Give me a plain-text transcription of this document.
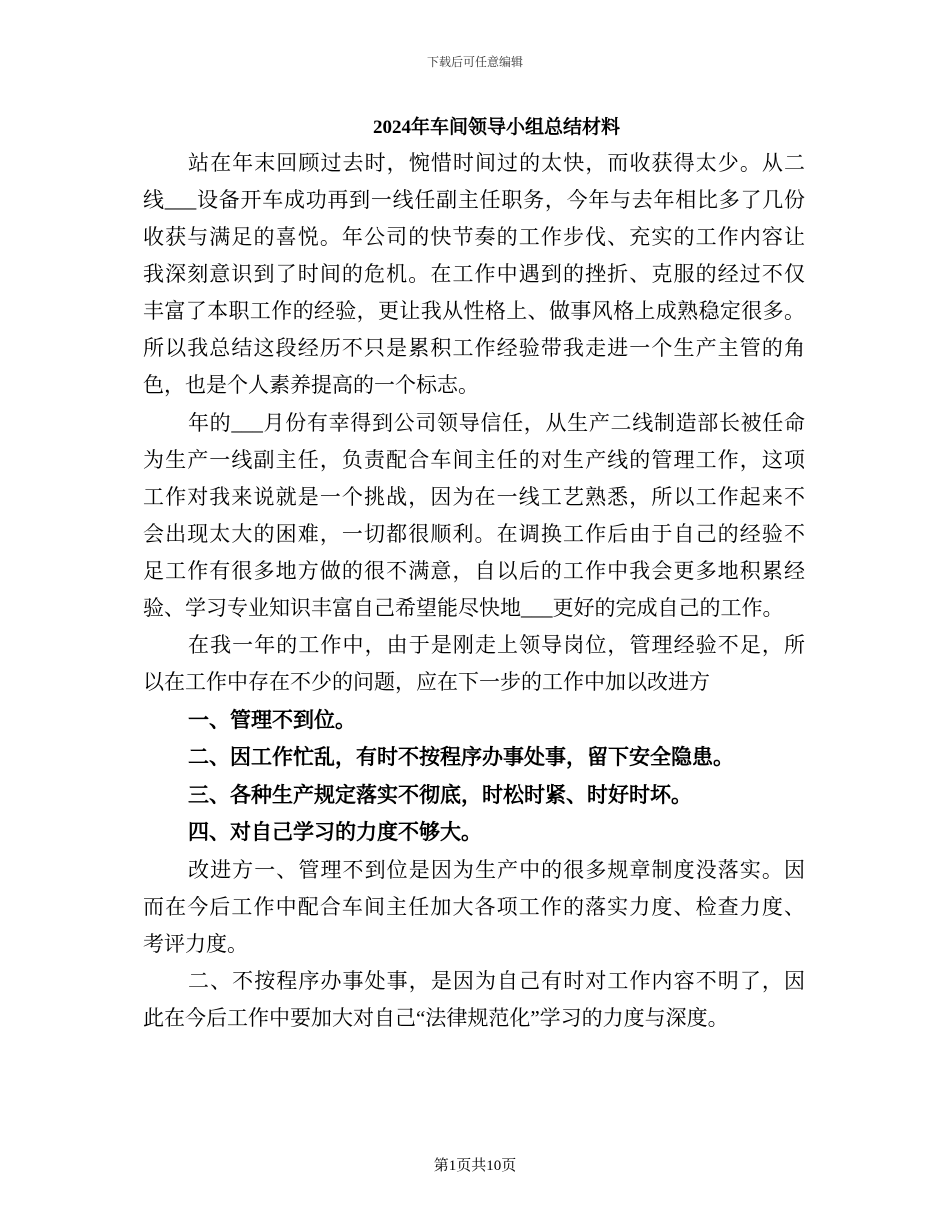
下载后可任意编辑
2024年车间领导小组总结材料
站在年末回顾过去时，惋惜时间过的太快，而收获得太少。从二
线___设备开车成功再到一线任副主任职务，今年与去年相比多了几份
收获与满足的喜悦。年公司的快节奏的工作步伐、充实的工作内容让
我深刻意识到了时间的危机。在工作中遇到的挫折、克服的经过不仅
丰富了本职工作的经验，更让我从性格上、做事风格上成熟稳定很多。
所以我总结这段经历不只是累积工作经验带我走进一个生产主管的角
色，也是个人素养提高的一个标志。
年的___月份有幸得到公司领导信任，从生产二线制造部长被任命
为生产一线副主任，负责配合车间主任的对生产线的管理工作，这项
工作对我来说就是一个挑战，因为在一线工艺熟悉，所以工作起来不
会出现太大的困难，一切都很顺利。在调换工作后由于自己的经验不
足工作有很多地方做的很不满意，自以后的工作中我会更多地积累经
验、学习专业知识丰富自己希望能尽快地___更好的完成自己的工作。
在我一年的工作中，由于是刚走上领导岗位，管理经验不足，所
以在工作中存在不少的问题，应在下一步的工作中加以改进方
一、管理不到位。
二、因工作忙乱，有时不按程序办事处事，留下安全隐患。
三、各种生产规定落实不彻底，时松时紧、时好时坏。
四、对自己学习的力度不够大。
改进方一、管理不到位是因为生产中的很多规章制度没落实。因
而在今后工作中配合车间主任加大各项工作的落实力度、检查力度、
考评力度。
二、不按程序办事处事，是因为自己有时对工作内容不明了，因
此在今后工作中要加大对自己“法律规范化”学习的力度与深度。
第1页共10页
